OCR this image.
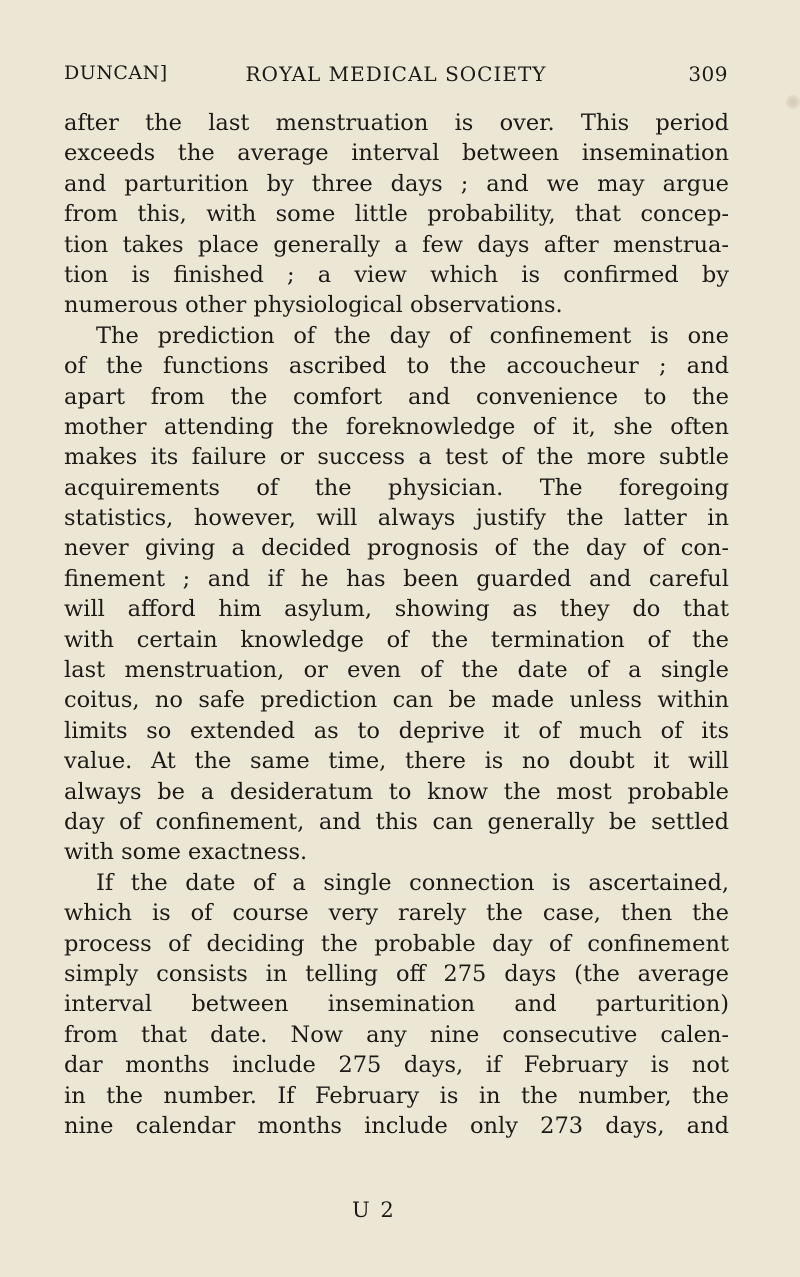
DUNCAN]	ROYAL MEDICAL SOCIETY	309
after the last menstruation is over. This period
exceeds the average interval between insemination
and parturition by three days ; and we may argue
from this, with some little probability, that concep-
tion takes place generally a few days after menstrua-
tion is finished ; a view which is confirmed by
numerous other physiological observations.
The prediction of the day of confinement is one
of the functions ascribed to the accoucheur ; and
apart from the comfort and convenience to the
mother attending the foreknowledge of it, she often
makes its failure or success a test of the more subtle
acquirements of the physician. The foregoing
statistics, however, will always justify the latter in
never giving a decided prognosis of the day of con-
finement ; and if he has been guarded and careful
will afford him asylum, showing as they do that
with certain knowledge of the termination of the
last menstruation, or even of the date of a single
coitus, no safe prediction can be made unless within
limits so extended as to deprive it of much of its
value. At the same time, there is no doubt it will
always be a desideratum to know the most probable
day of confinement, and this can generally be settled
with some exactness.
If the date of a single connection is ascertained,
which is of course very rarely the case, then the
process of deciding the probable day of confinement
simply consists in telling off 275 days (the average
interval between insemination and parturition)
from that date. Now any nine consecutive calen-
dar months include 275 days, if February is not
in the number. If February is in the number, the
nine calendar months include only 273 days, and
U 2
